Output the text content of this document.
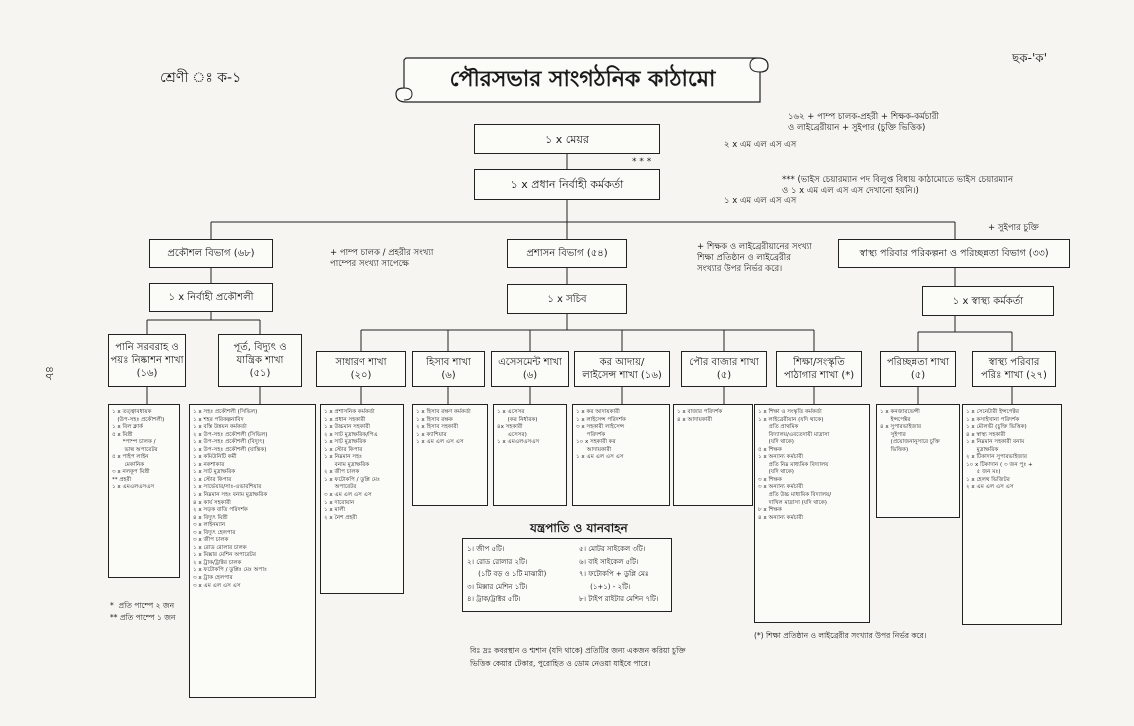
পৌরসভার সাংগঠনিক কাঠামো
শ্রেণী ঃ ক-১
ছক-'ক'
৪৮
১ x মেয়র
* * *
১ x প্রধান নির্বাহী কর্মকর্তা
১৬২ + পাম্প চালক-প্রহরী + শিক্ষক-কর্মচারী
ও লাইব্রেরীয়ান + সুইপার (চুক্তি ভিত্তিক)
২ x এম এল এস এস
*** (ভাইস চেয়ারম্যান পদ বিলুপ্ত বিধায় কাঠামোতে ভাইস চেয়ারম্যান
ও ১ x এম এল এস এস দেখানো হয়নি।)
১ x এম এল এস এস
প্রকৌশল বিভাগ (৬৮)	প্রশাসন বিভাগ (৫৪)	স্বাস্থ্য পরিবার পরিকল্পনা ও পরিচ্ছন্নতা বিভাগ (৩৩)
+ পাম্প চালক / প্রহরীর সংখ্যা
পাম্পের সংখ্যা সাপেক্ষে
+ শিক্ষক ও লাইব্রেরীয়ানের সংখ্যা
শিক্ষা প্রতিষ্ঠান ও লাইব্রেরীর
সংখ্যার উপর নির্ভর করে।
+ সুইপার চুক্তি
১ x নির্বাহী প্রকৌশলী	১ x সচিব	১ x স্বাস্থ্য কর্মকর্তা
পানি সরবরাহ ও
পয়ঃ নিষ্কাশন শাখা
(১৬)
পূর্ত, বিদ্যুৎ ও
যান্ত্রিক শাখা
(৫১)
সাধারণ শাখা
(২০)
হিসাব শাখা
(৬)
এসেসমেন্ট শাখা
(৬)
কর আদায়/
লাইসেন্স শাখা (১৬)
পৌর বাজার শাখা
(৫)
শিক্ষা/সংস্কৃতি
পাঠাগার শাখা (*)
পরিচ্ছন্নতা শাখা
(৫)
স্বাস্থ্য পরিবার
পরিঃ শাখা (২৭)
১ x তত্ত্বাবধায়ক
(উপ-সহঃ প্রকৌশলী)
১ x বিল ক্লার্ক
৫ x মিস্ত্রী
*পাম্প চালক /
ভাল্ব অপারেটর
৫ x পাইপ লাইন
মেকানিক
৩ x নলকূপ মিস্ত্রী
** প্রহরী
১ x এমএলএসএস
১ x সহঃ প্রকৌশলী (সিভিল)
১ x শহর পরিকল্পনাবিদ
১ x বস্তি উন্নয়ন কর্মকর্তা
২ x উপ-সহঃ প্রকৌশলী (সিভিল)
১ x উপ-সহঃ প্রকৌশলী (বিদ্যুৎ)
১ x উপ-সহঃ প্রকৌশলী (যান্ত্রিক)
১ x কমিউনিটি কর্মী
১ x নকশাকার
১ x সাট মুদ্রাক্ষরিক
১ x স্টোর কিপার
১ x সার্ভেয়ার/সাঃ-ওভারশিয়ার
১ x নিম্নমান সহঃ বনাম মুদ্রাক্ষরিক
৪ x কার্য সহকারী
২ x সড়ক বাতি পরিদর্শক
৪ x বিদ্যুৎ মিস্ত্রী
৩ x লাইনম্যান
৩ x বিদ্যুৎ হেলপার
৩ x জীপ চালক
১ x রোড রোলার চালক
১ x মিক্সার মেশিন অপারেটর
২ x ট্রাক/ট্রাক্টর চালক
১ x ফটোকপি / ডুপ্লিঃ মেঃ অপাঃ
৩ x ট্রাক হেলপার
৩ x এম এল এস এস
১ x প্রশাসনিক কর্মকর্তা
১ x প্রধান সহকারী
১ x উচ্চমান সহকারী
২ x সাট মুদ্রাক্ষরিক/পিএ
১ x সাট মুদ্রাক্ষরিক
১ x স্টোর কিপার
১ x নিম্নমান সহঃ
বনাম মুদ্রাক্ষরিক
২ x জীপ চালক
১ x ফটোকপি / ডুপ্লি মেঃ
অপারেটর
৩ x এম এল এস এস
১ x দারোয়ান
১ x মালী
২ x নৈশ প্রহরী
১ x হিসাব রক্ষণ কর্মকর্তা
১ x হিসাব রক্ষক
২ x হিসাব সহকারী
১ x ক্যাশিয়ার
১ x এম এল এস এস
১ x এসেসর
(কর নির্ধারক)
৪x সহকারী
এসেসর)
১ x এমএলএসএস
১ x কর আদায়কারী
১ x লাইসেন্স পরিদর্শক
৩ x সহকারী লাইসেন্স
পরিদর্শক
১০ x সহকারী কর
আদায়কারী
১ x এম এল এস এস
১ x বাজার পরিদর্শক
৪ x আদায়কারী
১ x শিক্ষা ও সংস্কৃতি কর্মকর্তা
১ x লাইব্রেরীয়ান (যদি থাকে)
প্রতি প্রাথমিক
বিদ্যালয়/এবতেদায়ী মাদ্রাসা
(যদি থাকে)
৫ x শিক্ষক
১ x অন্যান্য কর্মচারী
প্রতি নিম্ন মাধ্যমিক বিদ্যালয়
(যদি থাকে)
৩ x শিক্ষক
৩ x অন্যান্য কর্মচারী
প্রতি উচ্চ মাধ্যমিক বিদ্যালয়/
দাখিল মাদ্রাসা (যদি থাকে)
৮ x শিক্ষক
৪ x অন্যান্য কর্মচারী
১ x কনজারভেন্সী
ইন্সপেক্টর
৪ x সুপারভাইজার
সুইপার
(প্রয়োজনানুসারে চুক্তি
ভিত্তিক)
১ x সেনেটারী ইন্সপেক্টর
১ x কসাইখানা পরিদর্শক
১ x মৌলভী (চুক্তি ভিত্তিক)
৪ x স্বাস্থ্য সহকারী
১ x নিম্নমান সহকারী বনাম
মুদ্রাক্ষরিক
২ x টিকাদান সুপারভাইজার
১০ x টিকাদান ( ৩ জন পুঃ +
৫ জন মঃ)
১ x হেলথ ভিজিটর
২ x এম এল এস এস
যন্ত্রপাতি ও যানবাহন
১। জীপ ৫টি।
২। রোড রোলার ২টি।
(১টি বড় ও ১টি মাঝারী)
৩। মিক্সার মেশিন ১টি।
৪। ট্রাক/ট্রাক্টর ৫টি।
৫। মোটর সাইকেল ৩টি।
৬। বাই সাইকেল ৫টি।
৭। ফটোকপি + ডুপ্লি মেঃ
(১+১) - ২টি।
৮। টাইপ রাইটার মেশিন ৭টি।
*  প্রতি পাম্পে ২ জন
** প্রতি পাম্পে ১ জন
(*) শিক্ষা প্রতিষ্ঠান ও লাইব্রেরীর সংখ্যার উপর নির্ভর করে।
বিঃ দ্রঃ কবরস্থান ও শ্মশান (যদি থাকে) প্রতিটির জন্য একজন করিয়া চুক্তি
ভিত্তিক কেয়ার টেকার, পুরোহিত ও ডোম নেওয়া যাইবে পারে।
